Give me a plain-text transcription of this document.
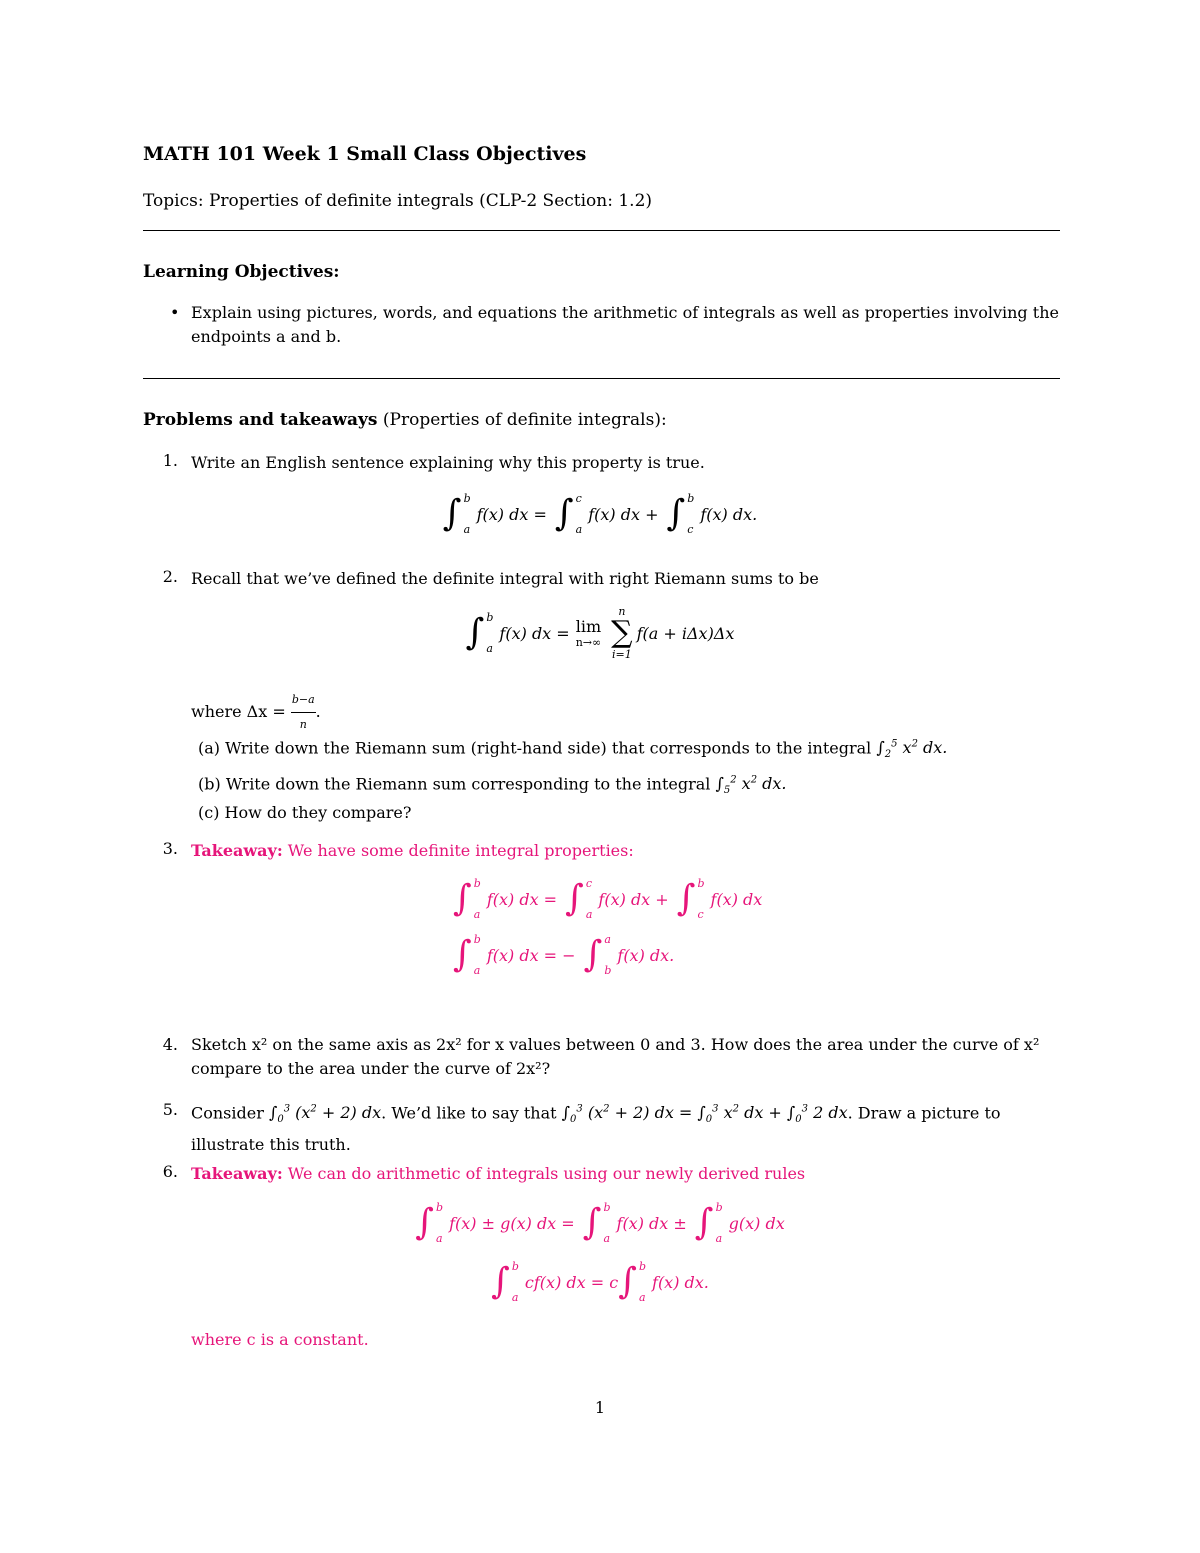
MATH 101 Week 1 Small Class Objectives
Topics: Properties of definite integrals (CLP-2 Section: 1.2)
Learning Objectives:
• Explain using pictures, words, and equations the arithmetic of integrals as well as properties involving the endpoints a and b.
Problems and takeaways (Properties of definite integrals):
1. Write an English sentence explaining why this property is true.
∫ b
a
f(x) dx = ∫ c
a
f(x) dx + ∫ b
c
f(x) dx.
2. Recall that we’ve defined the definite integral with right Riemann sums to be
∫ b
a
f(x) dx = lim
n→∞
n
∑
i=1
f(a + iΔx)Δx
where $\Delta x = \frac{b-a}{n}$ .
(a) Write down the Riemann sum (right-hand side) that corresponds to the integral $\int_2^5$ $x^2$ dx.
(b) Write down the Riemann sum corresponding to the integral $\int_5^2$ $x^2$ dx.
(c) How do they compare?
3. Takeaway: We have some definite integral properties:
∫ b
a
f(x) dx = ∫ c
a
f(x) dx + ∫ b
c
f(x) dx
∫ b
a
f(x) dx = − ∫ a
b
f(x) dx.
4. Sketch x² on the same axis as 2x² for x values between 0 and 3. How does the area under the curve of x² compare to the area under the curve of 2x²?
5. Consider $\int_0^3$ $(x^2 + 2)$ dx. We’d like to say that $\int_0^3$ $(x^2 + 2)$ dx = $\int_0^3$ $x^2$ dx + $\int_0^3$ 2 dx. Draw a picture to illustrate this truth.
6. Takeaway: We can do arithmetic of integrals using our newly derived rules
∫ b
a
f(x) ± g(x) dx = ∫ b
a
f(x) dx ± ∫ b
a
g(x) dx
∫ b
a
cf(x) dx = c ∫ b
a
f(x) dx.
where c is a constant.
1
